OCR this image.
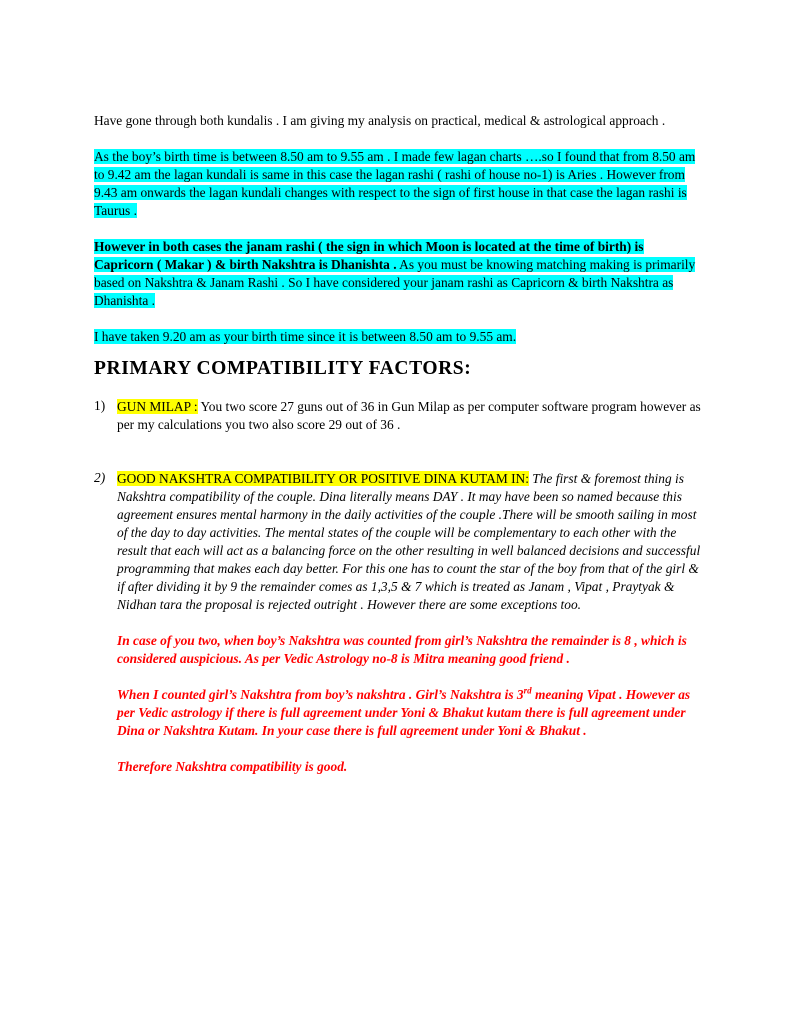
Have gone through both kundalis . I am giving my analysis on practical, medical & astrological approach .

As the boy’s birth time is between 8.50 am to 9.55 am . I made few lagan charts ….so I found that from 8.50 am to 9.42 am the lagan kundali is same in this case the lagan rashi ( rashi of house no-1) is Aries . However from 9.43 am onwards the lagan kundali changes with respect to the sign of first house in that case the lagan rashi is Taurus .

However in both cases the janam rashi ( the sign in which Moon is located at the time of birth) is Capricorn ( Makar ) & birth Nakshtra is Dhanishta . As you must be knowing matching making is primarily based on Nakshtra & Janam Rashi . So I have considered your janam rashi as Capricorn & birth Nakshtra as Dhanishta .

I have taken 9.20 am as your birth time since it is between 8.50 am to 9.55 am.

PRIMARY COMPATIBILITY FACTORS:
1) GUN MILAP : You two score 27 guns out of 36 in Gun Milap as per computer software program however as per my calculations you two also score 29 out of 36 .

2) GOOD NAKSHTRA COMPATIBILITY OR POSITIVE DINA KUTAM IN: The first & foremost thing is Nakshtra compatibility of the couple. Dina literally means DAY . It may have been so named because this agreement ensures mental harmony in the daily activities of the couple .There will be smooth sailing in most of the day to day activities. The mental states of the couple will be complementary to each other with the result that each will act as a balancing force on the other resulting in well balanced decisions and successful programming that makes each day better. For this one has to count the star of the boy from that of the girl & if after dividing it by 9 the remainder comes as 1,3,5 & 7 which is treated as Janam , Vipat , Praytyak & Nidhan tara the proposal is rejected outright . However there are some exceptions too.

In case of you two, when boy’s Nakshtra was counted from girl’s Nakshtra the remainder is 8 , which is considered auspicious. As per Vedic Astrology no-8 is Mitra meaning good friend .

When I counted girl’s Nakshtra from boy’s nakshtra . Girl’s Nakshtra is 3rd meaning Vipat . However as per Vedic astrology if there is full agreement under Yoni & Bhakut kutam there is full agreement under Dina or Nakshtra Kutam. In your case there is full agreement under Yoni & Bhakut .

Therefore Nakshtra compatibility is good.
